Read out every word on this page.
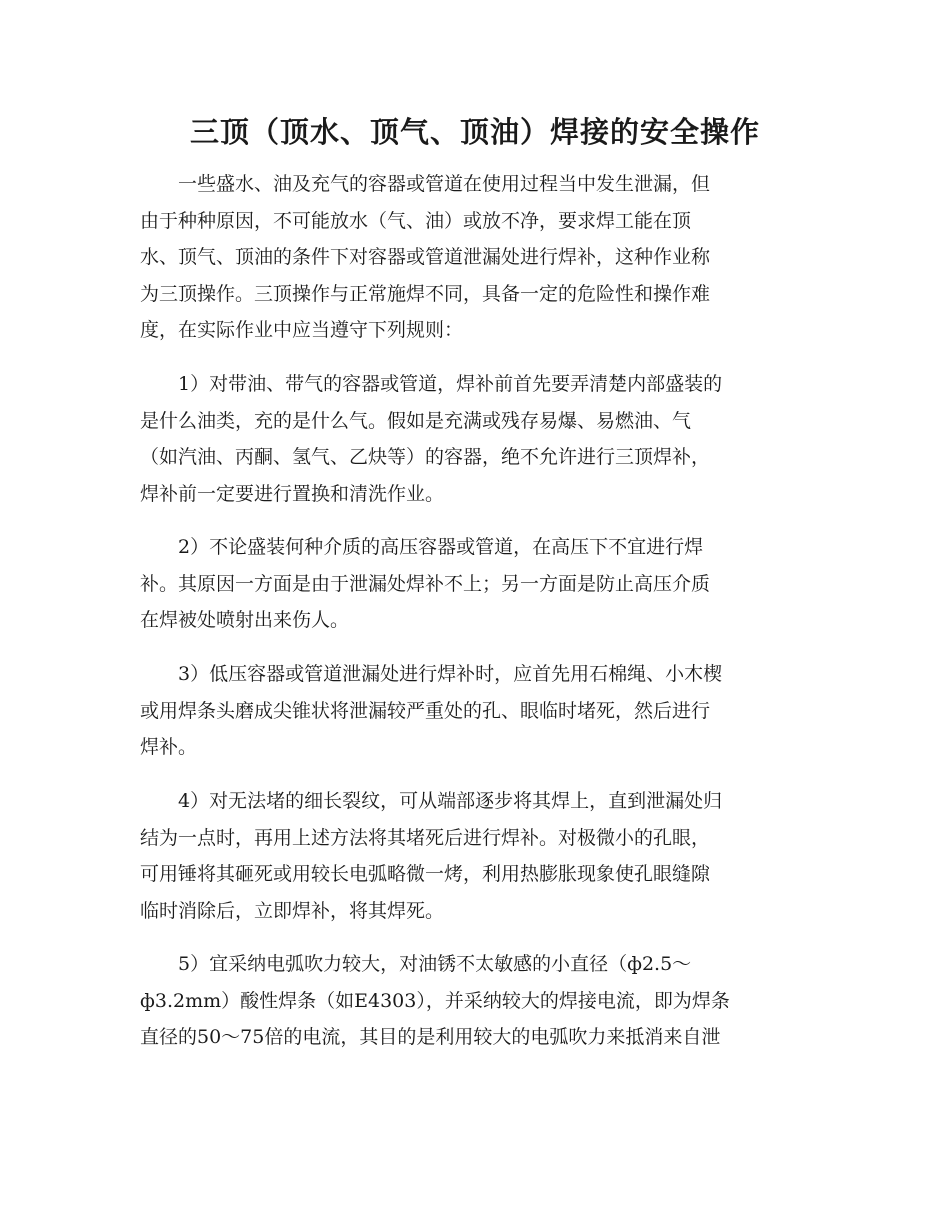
三顶（顶水、顶气、顶油）焊接的安全操作

　　一些盛水、油及充气的容器或管道在使用过程当中发生泄漏，但
由于种种原因，不可能放水（气、油）或放不净，要求焊工能在顶
水、顶气、顶油的条件下对容器或管道泄漏处进行焊补，这种作业称
为三顶操作。三顶操作与正常施焊不同，具备一定的危险性和操作难
度，在实际作业中应当遵守下列规则：

　　1）对带油、带气的容器或管道，焊补前首先要弄清楚内部盛装的
是什么油类，充的是什么气。假如是充满或残存易爆、易燃油、气
（如汽油、丙酮、氢气、乙炔等）的容器，绝不允许进行三顶焊补，
焊补前一定要进行置换和清洗作业。

　　2）不论盛装何种介质的高压容器或管道，在高压下不宜进行焊
补。其原因一方面是由于泄漏处焊补不上；另一方面是防止高压介质
在焊被处喷射出来伤人。

　　3）低压容器或管道泄漏处进行焊补时，应首先用石棉绳、小木楔
或用焊条头磨成尖锥状将泄漏较严重处的孔、眼临时堵死，然后进行
焊补。

　　4）对无法堵的细长裂纹，可从端部逐步将其焊上，直到泄漏处归
结为一点时，再用上述方法将其堵死后进行焊补。对极微小的孔眼，
可用锤将其砸死或用较长电弧略微一烤，利用热膨胀现象使孔眼缝隙
临时消除后，立即焊补，将其焊死。

　　5）宜采纳电弧吹力较大，对油锈不太敏感的小直径（ф2.5～
ф3.2mm）酸性焊条（如E4303），并采纳较大的焊接电流，即为焊条
直径的50～75倍的电流，其目的是利用较大的电弧吹力来抵消来自泄
